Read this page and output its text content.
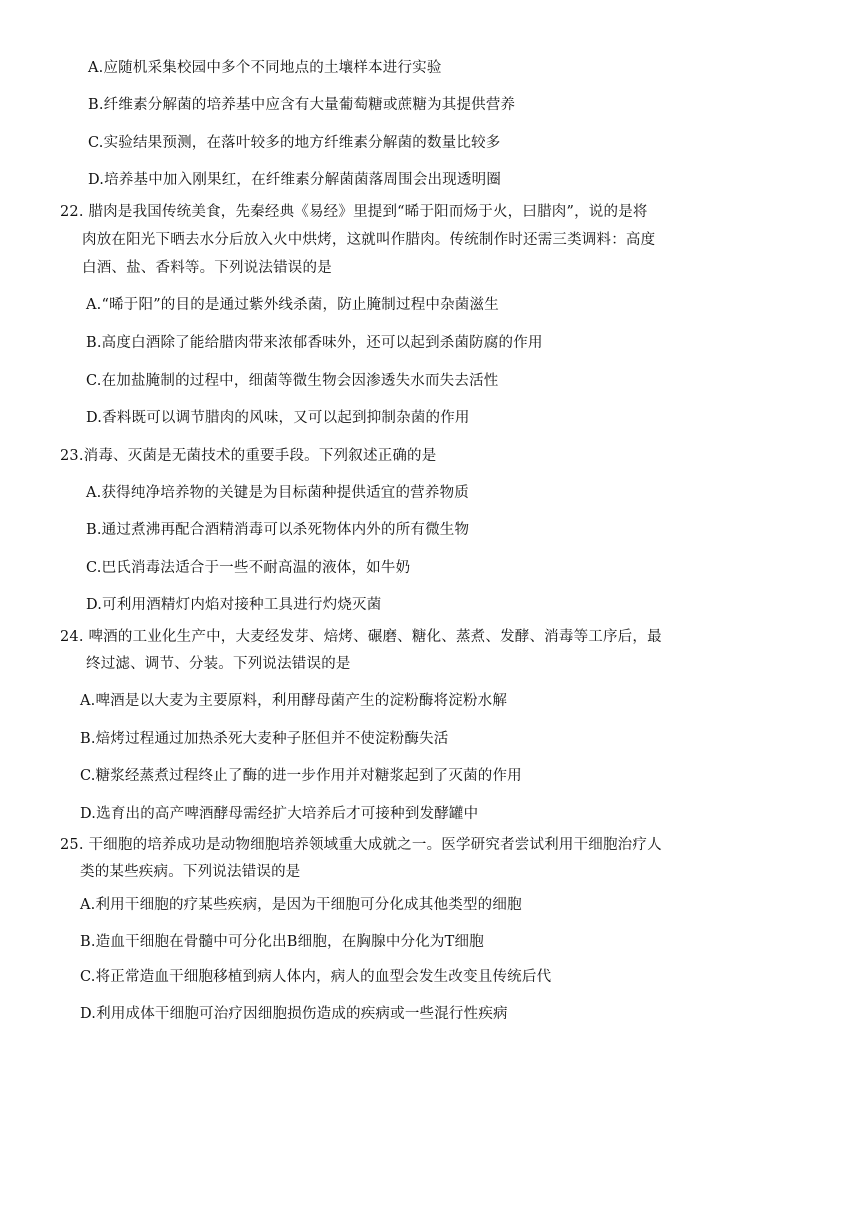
A.应随机采集校园中多个不同地点的土壤样本进行实验
B.纤维素分解菌的培养基中应含有大量葡萄糖或蔗糖为其提供营养
C.实验结果预测，在落叶较多的地方纤维素分解菌的数量比较多
D.培养基中加入刚果红，在纤维素分解菌菌落周围会出现透明圈
22. 腊肉是我国传统美食，先秦经典《易经》里提到“晞于阳而炀于火，曰腊肉”，说的是将
肉放在阳光下晒去水分后放入火中烘烤，这就叫作腊肉。传统制作时还需三类调料：高度
白酒、盐、香料等。下列说法错误的是
A.“晞于阳”的目的是通过紫外线杀菌，防止腌制过程中杂菌滋生
B.高度白酒除了能给腊肉带来浓郁香味外，还可以起到杀菌防腐的作用
C.在加盐腌制的过程中，细菌等微生物会因渗透失水而失去活性
D.香料既可以调节腊肉的风味，又可以起到抑制杂菌的作用
23.消毒、灭菌是无菌技术的重要手段。下列叙述正确的是
A.获得纯净培养物的关键是为目标菌种提供适宜的营养物质
B.通过煮沸再配合酒精消毒可以杀死物体内外的所有微生物
C.巴氏消毒法适合于一些不耐高温的液体，如牛奶
D.可利用酒精灯内焰对接种工具进行灼烧灭菌
24. 啤酒的工业化生产中，大麦经发芽、焙烤、碾磨、糖化、蒸煮、发酵、消毒等工序后，最
终过滤、调节、分装。下列说法错误的是
A.啤酒是以大麦为主要原料，利用酵母菌产生的淀粉酶将淀粉水解
B.焙烤过程通过加热杀死大麦种子胚但并不使淀粉酶失活
C.糖浆经蒸煮过程终止了酶的进一步作用并对糖浆起到了灭菌的作用
D.选育出的高产啤酒酵母需经扩大培养后才可接种到发酵罐中
25. 干细胞的培养成功是动物细胞培养领域重大成就之一。医学研究者尝试利用干细胞治疗人
类的某些疾病。下列说法错误的是
A.利用干细胞的疗某些疾病，是因为干细胞可分化成其他类型的细胞
B.造血干细胞在骨髓中可分化出B细胞，在胸腺中分化为T细胞
C.将正常造血干细胞移植到病人体内，病人的血型会发生改变且传统后代
D.利用成体干细胞可治疗因细胞损伤造成的疾病或一些混行性疾病
